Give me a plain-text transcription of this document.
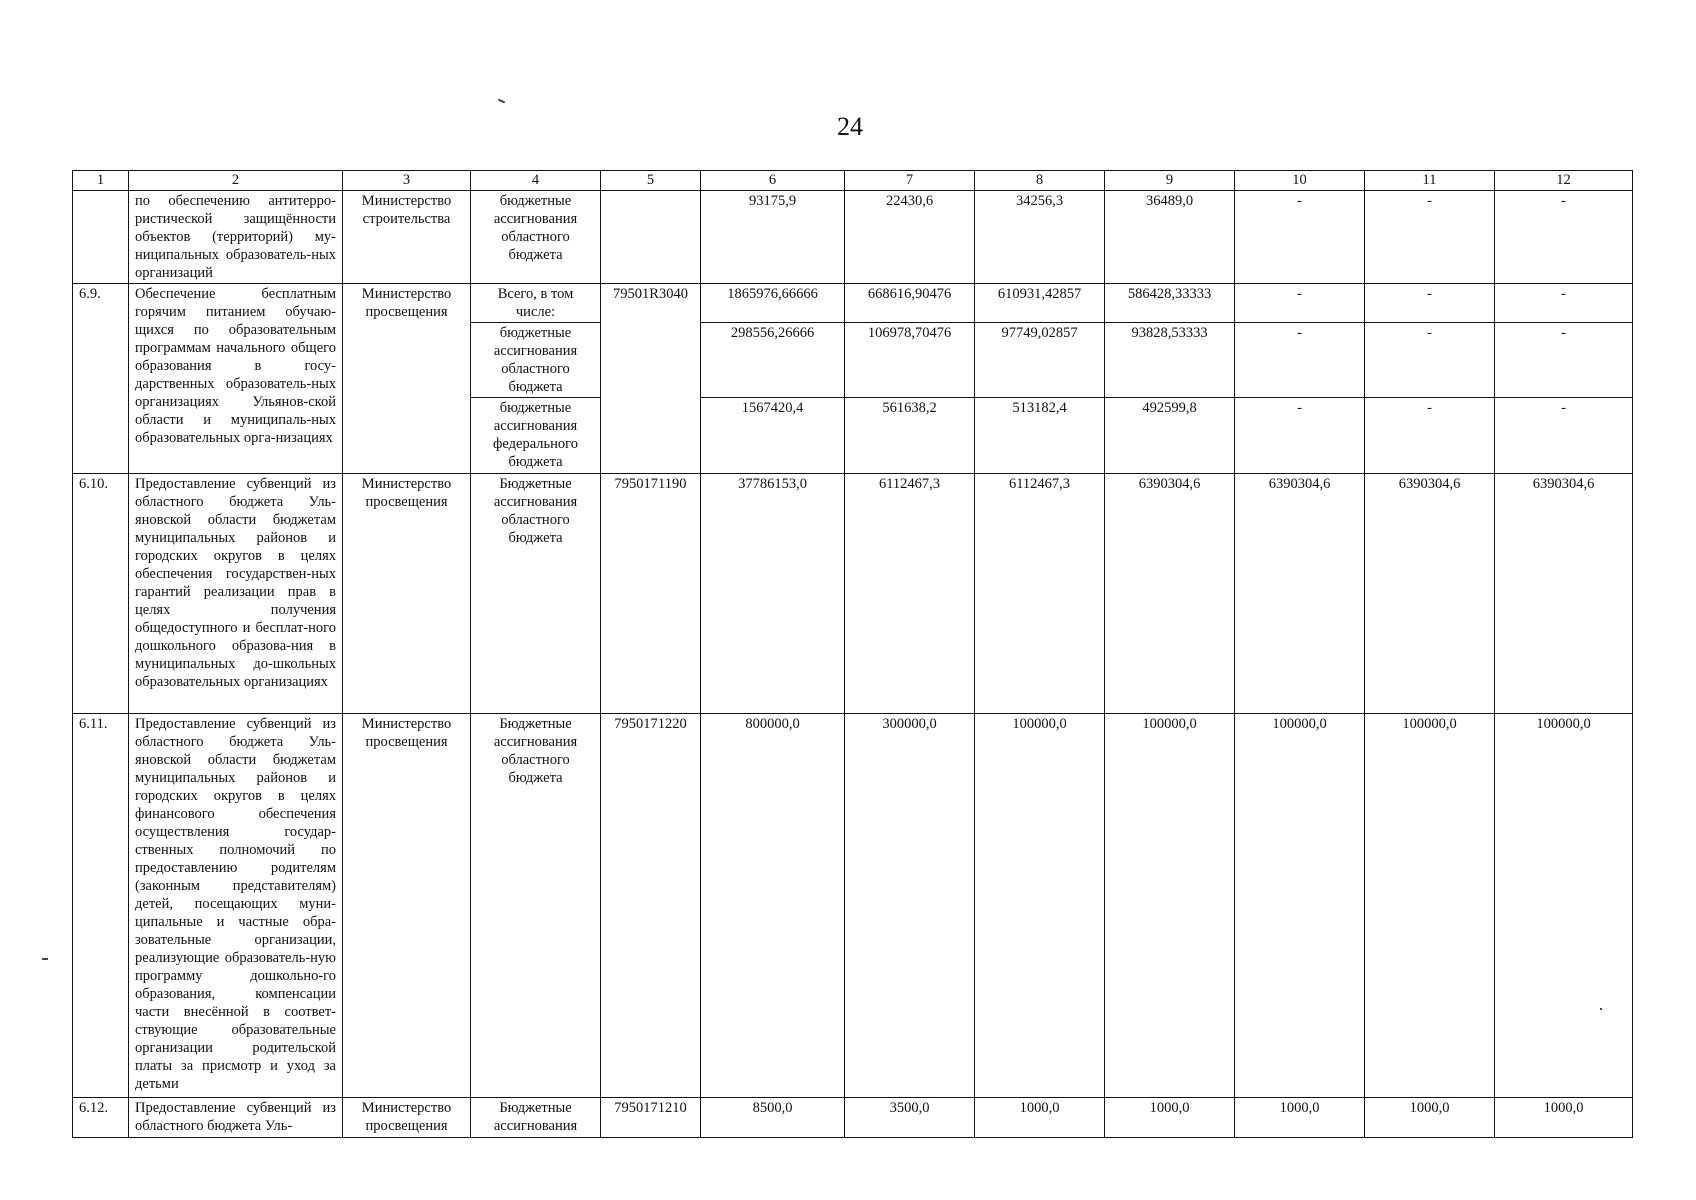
24
1	2	3	4	5	6	7	8	9	10	11	12
	по обеспечению антитерро-ристической защищённости объектов (территорий) му-ниципальных образователь-ных организаций	Министерство строительства	бюджетные ассигнования областного бюджета		93175,9	22430,6	34256,3	36489,0	-	-	-
6.9.	Обеспечение бесплатным горячим питанием обучаю-щихся по образовательным программам начального общего образования в госу-дарственных образователь-ных организациях Ульянов-ской области и муниципаль-ных образовательных орга-низациях	Министерство просвещения	Всего, в том числе:	79501R3040	1865976,66666	668616,90476	610931,42857	586428,33333	-	-	-
			бюджетные ассигнования областного бюджета		298556,26666	106978,70476	97749,02857	93828,53333	-	-	-
			бюджетные ассигнования федерального бюджета		1567420,4	561638,2	513182,4	492599,8	-	-	-
6.10.	Предоставление субвенций из областного бюджета Уль-яновской области бюджетам муниципальных районов и городских округов в целях обеспечения государствен-ных гарантий реализации прав в целях получения общедоступного и бесплат-ного дошкольного образова-ния в муниципальных до-школьных образовательных организациях	Министерство просвещения	Бюджетные ассигнования областного бюджета	7950171190	37786153,0	6112467,3	6112467,3	6390304,6	6390304,6	6390304,6	6390304,6
6.11.	Предоставление субвенций из областного бюджета Уль-яновской области бюджетам муниципальных районов и городских округов в целях финансового обеспечения осуществления государ-ственных полномочий по предоставлению родителям (законным представителям) детей, посещающих муни-ципальные и частные обра-зовательные организации, реализующие образователь-ную программу дошкольно-го образования, компенсации части внесённой в соответ-ствующие образовательные организации родительской платы за присмотр и уход за детьми	Министерство просвещения	Бюджетные ассигнования областного бюджета	7950171220	800000,0	300000,0	100000,0	100000,0	100000,0	100000,0	100000,0
6.12.	Предоставление субвенций из областного бюджета Уль-	Министерство просвещения	Бюджетные ассигнования	7950171210	8500,0	3500,0	1000,0	1000,0	1000,0	1000,0	1000,0
